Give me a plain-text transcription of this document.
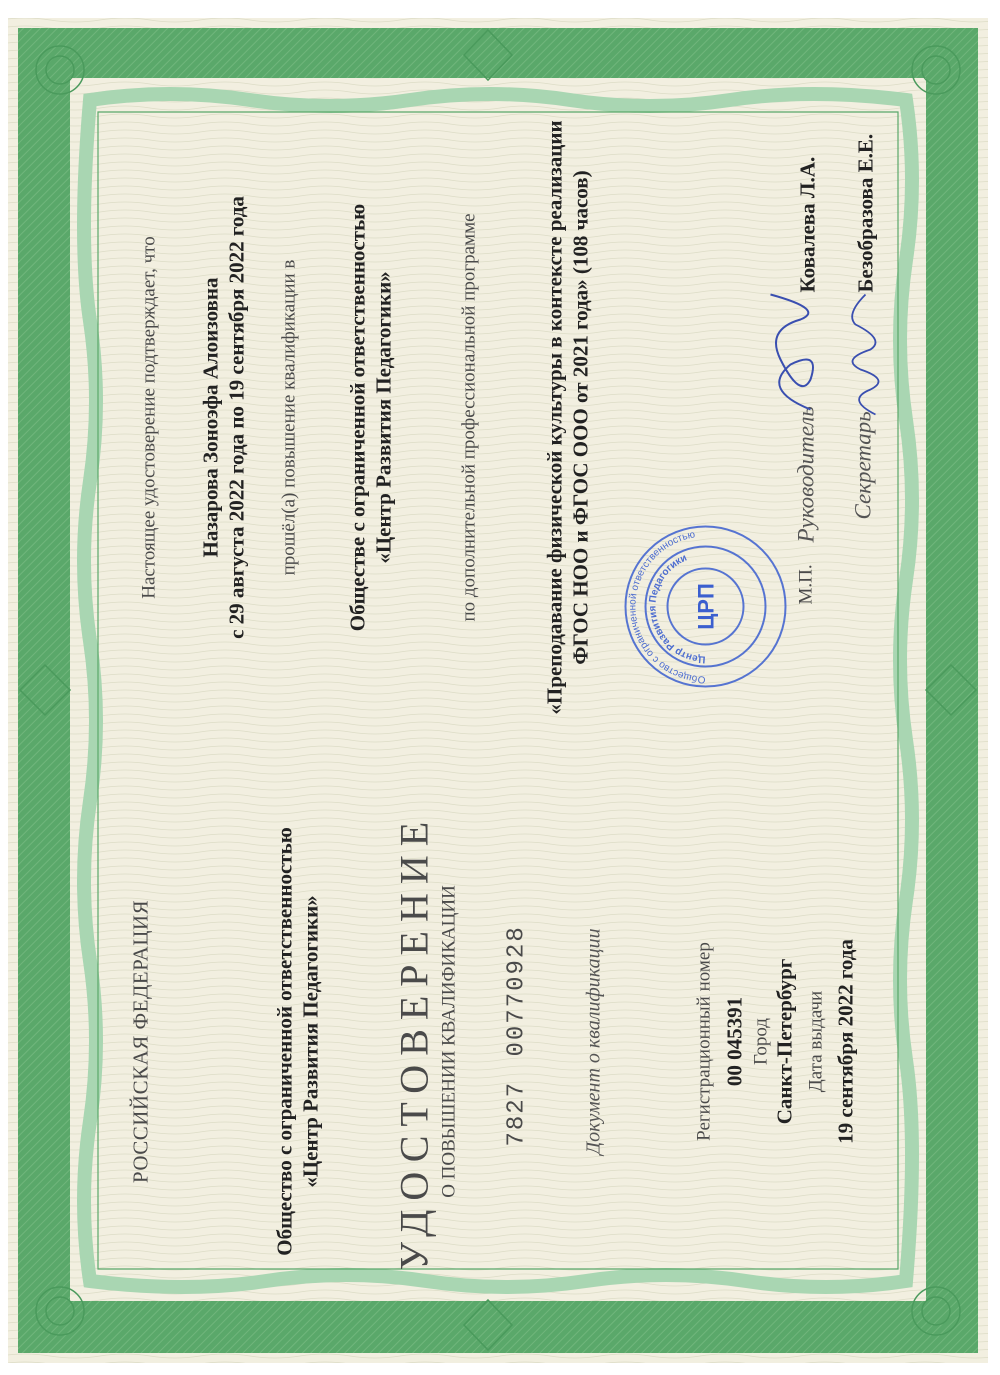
РОССИЙСКАЯ ФЕДЕРАЦИЯ	Общество с ограниченной ответственностью «Центр Развития Педагогики» УДОСТОВЕРЕНИЕ О ПОВЫШЕНИИ КВАЛИФИКАЦИИ 7827
00770928	Документ о квалификации	Регистрационный номер 00 045391 Город Санкт-Петербург Дата выдачи 19 сентября 2022 года
Настоящее удостоверение подтверждает, что Назарова Зоноэфа Алоизовна с 29 августа 2022 года по 19 сентября 2022 года прошёл(а) повышение квалификации в Обществе с ограниченной ответственностью «Центр Развития Педагогики»	по дополнительной профессиональной программе	«Преподавание физической культуры в контексте реализации ФГОС НОО и ФГОС ООО от 2021 года» (108 часов)	Руководитель
Ковалева Л.А.
Секретарь
Безобразова Е.Е.
М.П.
Общество с ограниченной ответственностью
Центр Развития Педагогики
ЦРП
